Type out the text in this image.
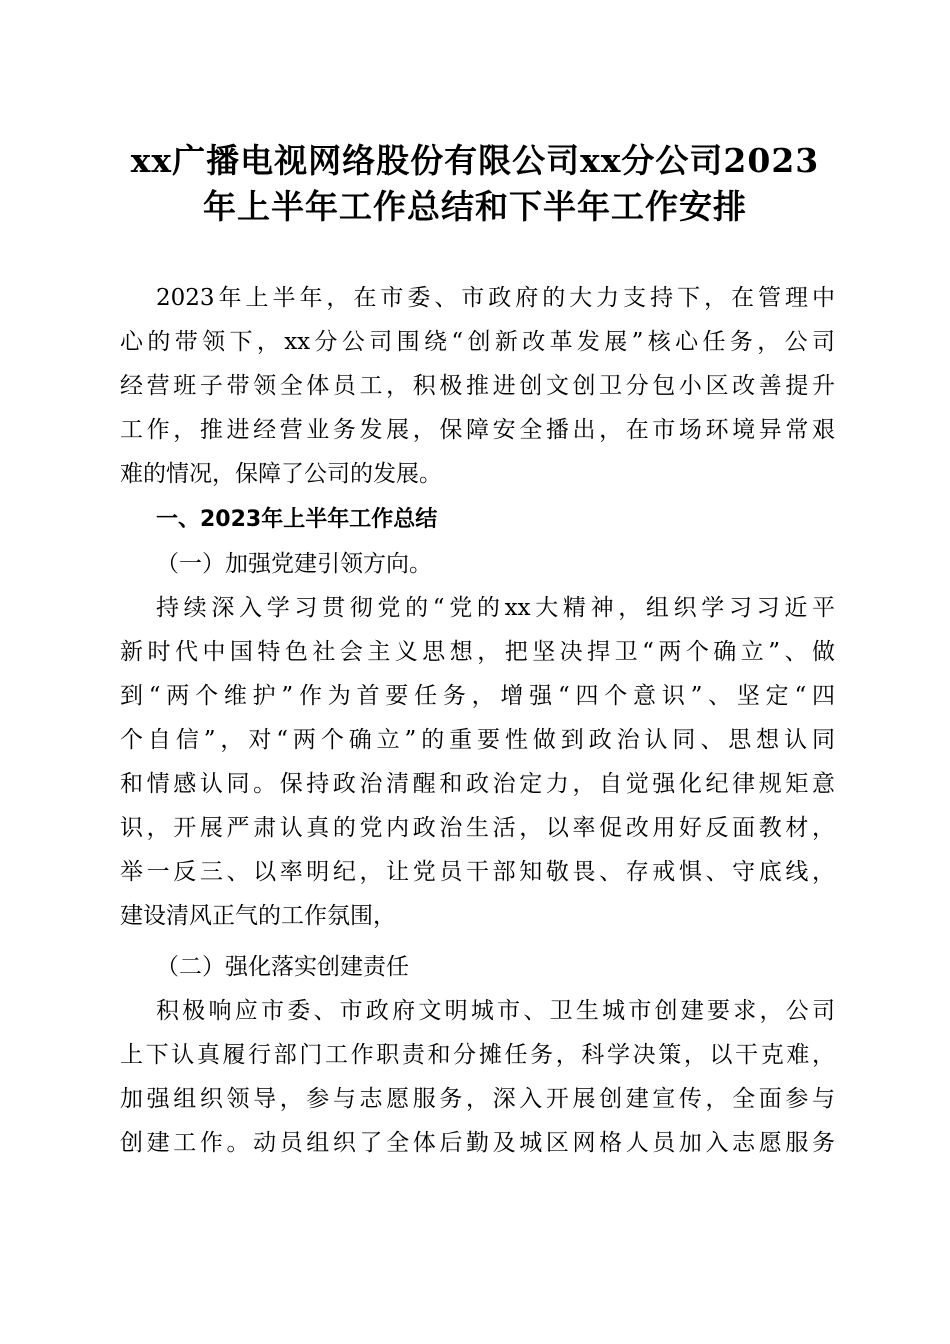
xx广播电视网络股份有限公司xx分公司2023
年上半年工作总结和下半年工作安排

2023年上半年，在市委、市政府的大力支持下，在管理中

心的带领下，xx分公司围绕“创新改革发展”核心任务，公司

经营班子带领全体员工，积极推进创文创卫分包小区改善提升

工作，推进经营业务发展，保障安全播出，在市场环境异常艰

难的情况，保障了公司的发展。

一、2023年上半年工作总结

（一）加强党建引领方向。

持续深入学习贯彻党的“党的xx大精神，组织学习习近平

新时代中国特色社会主义思想，把坚决捍卫“两个确立”、做

到“两个维护”作为首要任务，增强“四个意识”、坚定“四

个自信”，对“两个确立”的重要性做到政治认同、思想认同

和情感认同。保持政治清醒和政治定力，自觉强化纪律规矩意

识，开展严肃认真的党内政治生活，以率促改用好反面教材，

举一反三、以率明纪，让党员干部知敬畏、存戒惧、守底线，

建设清风正气的工作氛围，

（二）强化落实创建责任

积极响应市委、市政府文明城市、卫生城市创建要求，公司

上下认真履行部门工作职责和分摊任务，科学决策，以干克难，

加强组织领导，参与志愿服务，深入开展创建宣传，全面参与

创建工作。动员组织了全体后勤及城区网格人员加入志愿服务
